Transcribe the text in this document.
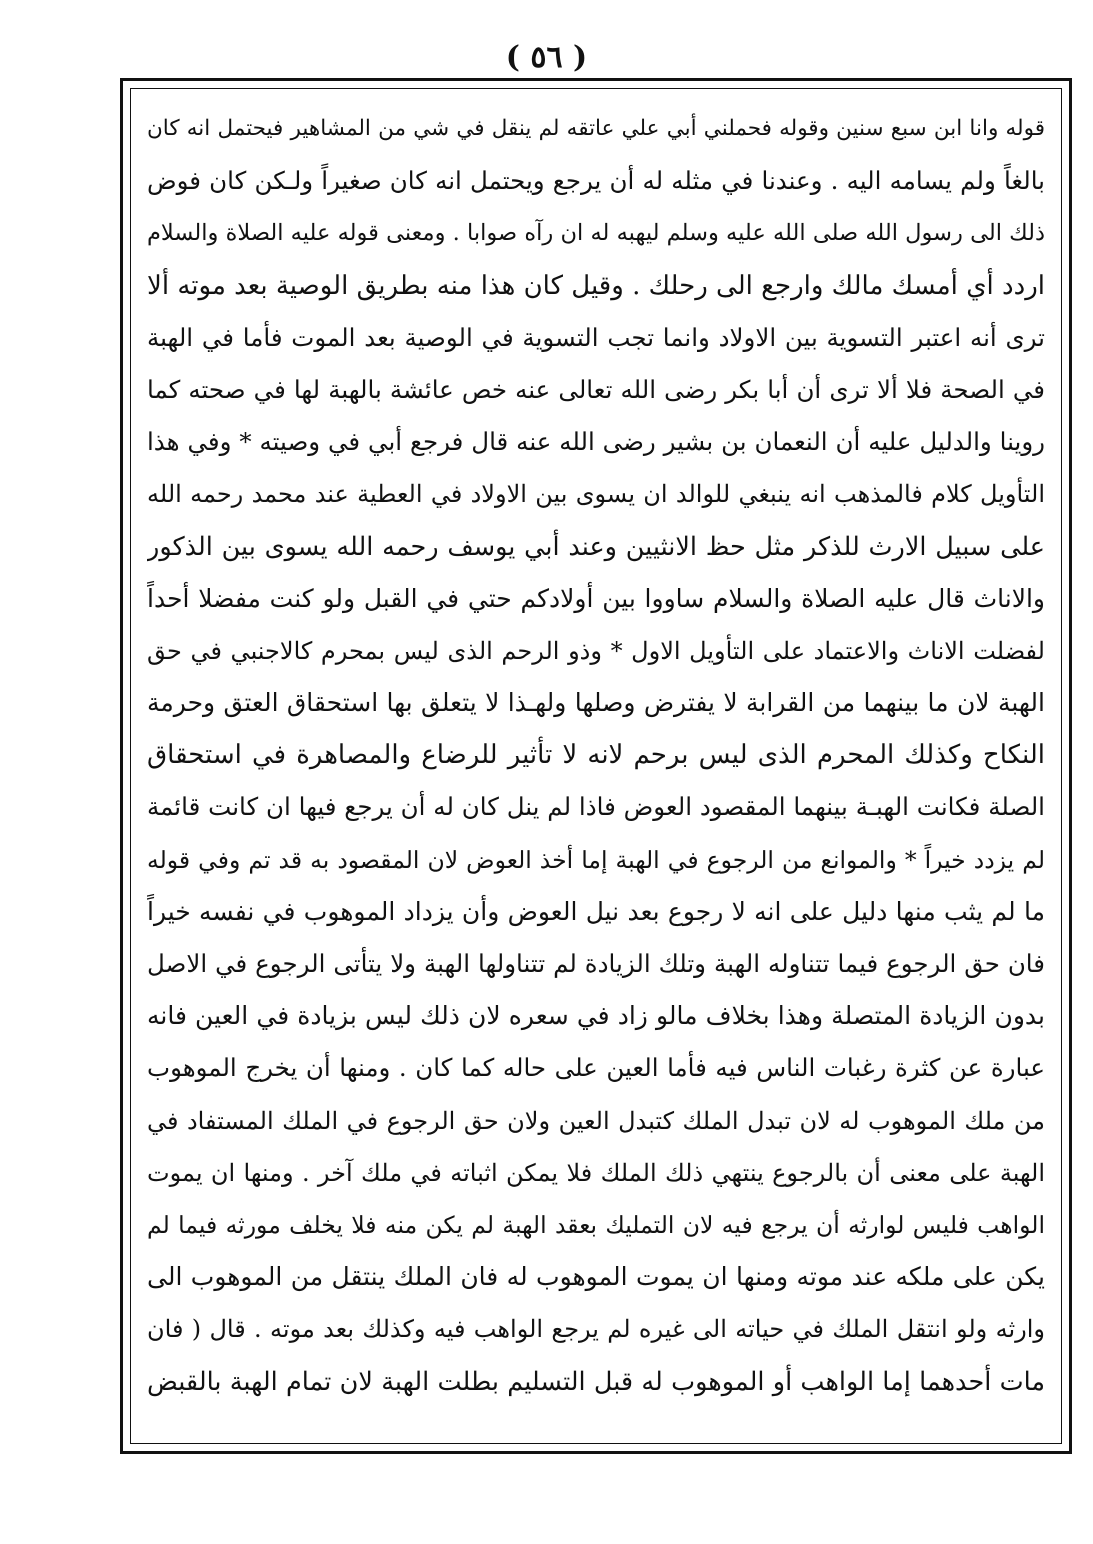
( ٥٦ )
قوله وانا ابن سبع سنين وقوله فحملني أبي علي عاتقه لم ينقل في شي من المشاهير فيحتمل انه كان
بالغاً ولم يسامه اليه . وعندنا في مثله له أن يرجع ويحتمل انه كان صغيراً ولـكن كان فوض
ذلك الى رسول الله صلى الله عليه وسلم ليهبه له ان رآه صوابا . ومعنى قوله عليه الصلاة والسلام
اردد أي أمسك مالك وارجع الى رحلك . وقيل كان هذا منه بطريق الوصية بعد موته ألا
ترى أنه اعتبر التسوية بين الاولاد وانما تجب التسوية في الوصية بعد الموت فأما في الهبة
في الصحة فلا ألا ترى أن أبا بكر رضى الله تعالى عنه خص عائشة بالهبة لها في صحته كما
روينا والدليل عليه أن النعمان بن بشير رضى الله عنه قال فرجع أبي في وصيته * وفي هذا
التأويل كلام فالمذهب انه ينبغي للوالد ان يسوى بين الاولاد في العطية عند محمد رحمه الله
على سبيل الارث للذكر مثل حظ الانثيين وعند أبي يوسف رحمه الله يسوى بين الذكور
والاناث قال عليه الصلاة والسلام ساووا بين أولادكم حتي في القبل ولو كنت مفضلا أحداً
لفضلت الاناث والاعتماد على التأويل الاول * وذو الرحم الذى ليس بمحرم كالاجنبي في حق
الهبة لان ما بينهما من القرابة لا يفترض وصلها ولهـذا لا يتعلق بها استحقاق العتق وحرمة
النكاح وكذلك المحرم الذى ليس برحم لانه لا تأثير للرضاع والمصاهرة في استحقاق
الصلة فكانت الهبـة بينهما المقصود العوض فاذا لم ينل كان له أن يرجع فيها ان كانت قائمة
لم يزدد خيراً * والموانع من الرجوع في الهبة إما أخذ العوض لان المقصود به قد تم وفي قوله
ما لم يثب منها دليل على انه لا رجوع بعد نيل العوض وأن يزداد الموهوب في نفسه خيراً
فان حق الرجوع فيما تتناوله الهبة وتلك الزيادة لم تتناولها الهبة ولا يتأتى الرجوع في الاصل
بدون الزيادة المتصلة وهذا بخلاف مالو زاد في سعره لان ذلك ليس بزيادة في العين فانه
عبارة عن كثرة رغبات الناس فيه فأما العين على حاله كما كان . ومنها أن يخرج الموهوب
من ملك الموهوب له لان تبدل الملك كتبدل العين ولان حق الرجوع في الملك المستفاد في
الهبة على معنى أن بالرجوع ينتهي ذلك الملك فلا يمكن اثباته في ملك آخر . ومنها ان يموت
الواهب فليس لوارثه أن يرجع فيه لان التمليك بعقد الهبة لم يكن منه فلا يخلف مورثه فيما لم
يكن على ملكه عند موته ومنها ان يموت الموهوب له فان الملك ينتقل من الموهوب الى
وارثه ولو انتقل الملك في حياته الى غيره لم يرجع الواهب فيه وكذلك بعد موته . قال ( فان
مات أحدهما إما الواهب أو الموهوب له قبل التسليم بطلت الهبة لان تمام الهبة بالقبض
